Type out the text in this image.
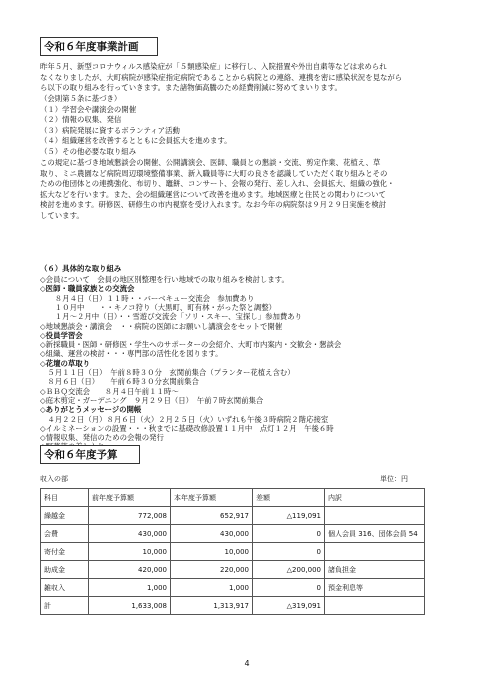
令和６年度事業計画
昨年５月、新型コロナウィルス感染症が「５類感染症」に移行し、入院措置や外出自粛等などは求められ
なくなりましたが、大町病院が感染症指定病院であることから病院との連絡、連携を密に感染状況を見ながら
ら以下の取り組みを行っていきます。また諸物価高騰のため経費削減に努めてまいります。
（会則第５条に基づき）
（１）学習会や講演会の開催
（２）情報の収集、発信
（３）病院発展に資するボランティア活動
（４）組織運営を改善するとともに会員拡大を進めます。
（５）その他必要な取り組み
この規定に基づき地域懇談会の開催、公開講演会、医師、職員との懇談・交流、剪定作業、花植え、草
取り、ミニ農園など病院周辺環境整備事業、新入職員等に大町の良さを認識していただく取り組みとその
ための他団体との連携強化、布切り、竈餅、コンサート、会報の発行、差し入れ、会員拡大、組織の強化・
拡大などを行います。また、会の組織運営について改善を進めます。地域医療と住民との関わりについて
検討を進めます。研修医、研修生の市内視察を受け入れます。なお今年の病院祭は９月２９日実施を検討
しています。
（６）具体的な取り組み
◇会員について　会員の地区別整理を行い地域での取り組みを検討します。
◇医師・職員家族との交流会
　　８月４日（日）１１時・・バーベキュー交流会　参加費あり
　　１０月中　　・・キノコ狩り（大黒町、町有林・がった祭と調整）
　　１月〜２月中（日）・・雪遊び交流会「ソリ・スキー、宝探し」参加費あり
◇地域懇談会・講演会　・・病院の医師にお願いし講演会をセットで開催
◇役員学習会
◇新採職員・医師・研修医・学生へのサポーターの会紹介、大町市内案内・交歓会・懇談会
◇組織、運営の検討・・・専門部の活性化を図ります。
◇花壇の草取り
　５月１１日（日）　午前８時３０分　玄関前集合（プランター花植え含む）
　８月６日（日）　　午前６時３０分玄関前集合
◇ＢＢＱ交流会　　８月４日午前１１時〜
◇庭木剪定・ガーデニング　９月２９日（日）　午前７時玄関前集合
◇ありがとうメッセージの開帳
　４月２２日（月）８月６日（火）２月２５日（火）いずれも午後３時病院２階応接室
◇イルミネーションの設置・・・秋までに基礎改修設置１１月中　点灯１２月　午後６時
◇情報収集、発信のための会報の発行
令和６年度予算
収入の部	単位：円
科目	前年度予算額	本年度予算額	差額	内訳
繰越金	772,008	652,917	△119,091	
会費	430,000	430,000	0	個人会員 316、団体会員 54
寄付金	10,000	10,000	0	
助成金	420,000	220,000	△200,000	諸負担金
雑収入	1,000	1,000	0	預金利息等
計	1,633,008	1,313,917	△319,091	
4
